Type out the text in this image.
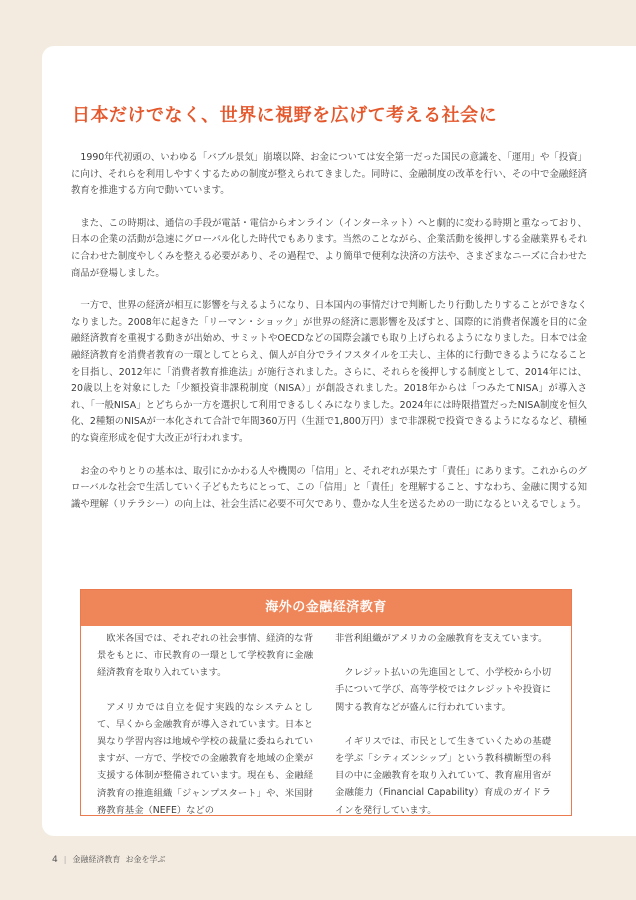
日本だけでなく、世界に視野を広げて考える社会に

1990年代初頭の、いわゆる「バブル景気」崩壊以降、お金については安全第一だった国民の意識を、「運用」や「投資」に向け、それらを利用しやすくするための制度が整えられてきました。同時に、金融制度の改革を行い、その中で金融経済教育を推進する方向で動いています。

また、この時期は、通信の手段が電話・電信からオンライン（インターネット）へと劇的に変わる時期と重なっており、日本の企業の活動が急速にグローバル化した時代でもあります。当然のことながら、企業活動を後押しする金融業界もそれに合わせた制度やしくみを整える必要があり、その過程で、より簡単で便利な決済の方法や、さまざまなニーズに合わせた商品が登場しました。

一方で、世界の経済が相互に影響を与えるようになり、日本国内の事情だけで判断したり行動したりすることができなくなりました。2008年に起きた「リーマン・ショック」が世界の経済に悪影響を及ぼすと、国際的に消費者保護を目的に金融経済教育を重視する動きが出始め、サミットやOECDなどの国際会議でも取り上げられるようになりました。日本では金融経済教育を消費者教育の一環としてとらえ、個人が自分でライフスタイルを工夫し、主体的に行動できるようになることを目指し、2012年に「消費者教育推進法」が施行されました。さらに、それらを後押しする制度として、2014年には、20歳以上を対象にした「少額投資非課税制度（NISA）」が創設されました。2018年からは「つみたてNISA」が導入され、「一般NISA」とどちらか一方を選択して利用できるしくみになりました。2024年には時限措置だったNISA制度を恒久化、2種類のNISAが一本化されて合計で年間360万円（生涯で1,800万円）まで非課税で投資できるようになるなど、積極的な資産形成を促す大改正が行われます。

お金のやりとりの基本は、取引にかかわる人や機関の「信用」と、それぞれが果たす「責任」にあります。これからのグローバルな社会で生活していく子どもたちにとって、この「信用」と「責任」を理解すること、すなわち、金融に関する知識や理解（リテラシー）の向上は、社会生活に必要不可欠であり、豊かな人生を送るための一助になるといえるでしょう。

海外の金融経済教育

欧米各国では、それぞれの社会事情、経済的な背景をもとに、市民教育の一環として学校教育に金融経済教育を取り入れています。

アメリカでは自立を促す実践的なシステムとして、早くから金融教育が導入されています。日本と異なり学習内容は地域や学校の裁量に委ねられていますが、一方で、学校での金融教育を地域の企業が支援する体制が整備されています。現在も、金融経済教育の推進組織「ジャンプスタート」や、米国財務教育基金（NEFE）などの

非営利組織がアメリカの金融教育を支えています。

クレジット払いの先進国として、小学校から小切手について学び、高等学校ではクレジットや投資に関する教育などが盛んに行われています。

イギリスでは、市民として生きていくための基礎を学ぶ「シティズンシップ」という教科横断型の科目の中に金融教育を取り入れていて、教育雇用省が金融能力（Financial Capability）育成のガイドラインを発行しています。

4 | 金融経済教育 お金を学ぶ
